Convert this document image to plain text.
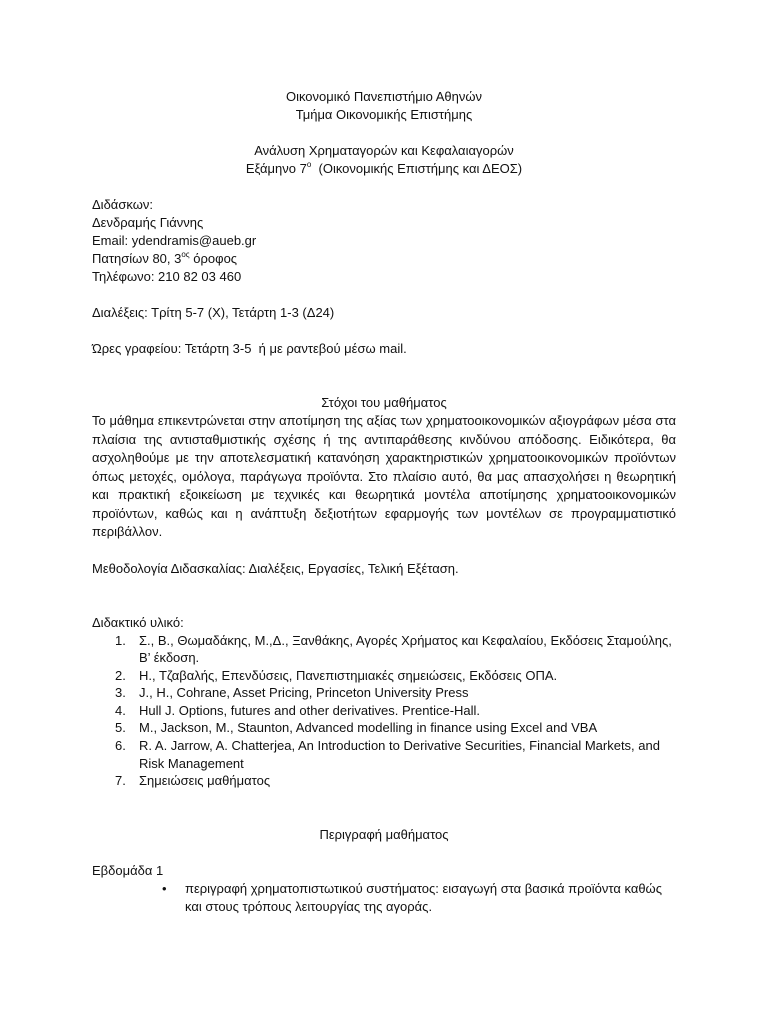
Οικονομικό Πανεπιστήμιο Αθηνών
Τμήμα Οικονομικής Επιστήμης
Ανάλυση Χρηματαγορών και Κεφαλαιαγορών
Εξάμηνο $7^o$  (Οικονομικής Επιστήμης και ΔΕΟΣ)
Διδάσκων:
Δενδραμής Γιάννης
Email: ydendramis@aueb.gr
Πατησίων 80, $3^{o\varsigma}$ όροφος
Τηλέφωνο: 210 82 03 460
Διαλέξεις: Τρίτη 5-7 (Χ), Τετάρτη 1-3 (Δ24)
Ώρες γραφείου: Τετάρτη 3-5  ή με ραντεβού μέσω mail.
Στόχοι του μαθήματος
Το μάθημα επικεντρώνεται στην αποτίμηση της αξίας των χρηματοοικονομικών αξιογράφων μέσα στα πλαίσια της αντισταθμιστικής σχέσης ή της αντιπαράθεσης κινδύνου απόδοσης. Ειδικότερα, θα ασχοληθούμε με την αποτελεσματική κατανόηση χαρακτηριστικών χρηματοοικονομικών προϊόντων όπως μετοχές, ομόλογα, παράγωγα προϊόντα. Στο πλαίσιο αυτό, θα μας απασχολήσει η θεωρητική και πρακτική εξοικείωση με τεχνικές και θεωρητικά μοντέλα αποτίμησης χρηματοοικονομικών προϊόντων, καθώς και η ανάπτυξη δεξιοτήτων εφαρμογής των μοντέλων σε προγραμματιστικό περιβάλλον.
Μεθοδολογία Διδασκαλίας: Διαλέξεις, Εργασίες, Τελική Εξέταση.
Διδακτικό υλικό:
1. Σ., Β., Θωμαδάκης, Μ.,Δ., Ξανθάκης, Αγορές Χρήματος και Κεφαλαίου, Εκδόσεις Σταμούλης, Β’ έκδοση.
2. Η., Τζαβαλής, Επενδύσεις, Πανεπιστημιακές σημειώσεις, Εκδόσεις ΟΠΑ.
3. J., H., Cohrane, Asset Pricing, Princeton University Press
4. Hull J. Options, futures and other derivatives. Prentice-Hall.
5. M., Jackson, M., Staunton, Advanced modelling in finance using Excel and VBA
6. R. A. Jarrow, A. Chatterjea, An Introduction to Derivative Securities, Financial Markets, and Risk Management
7. Σημειώσεις μαθήματος
Περιγραφή μαθήματος
Εβδομάδα 1
• περιγραφή χρηματοπιστωτικού συστήματος: εισαγωγή στα βασικά προϊόντα καθώς και στους τρόπους λειτουργίας της αγοράς.
